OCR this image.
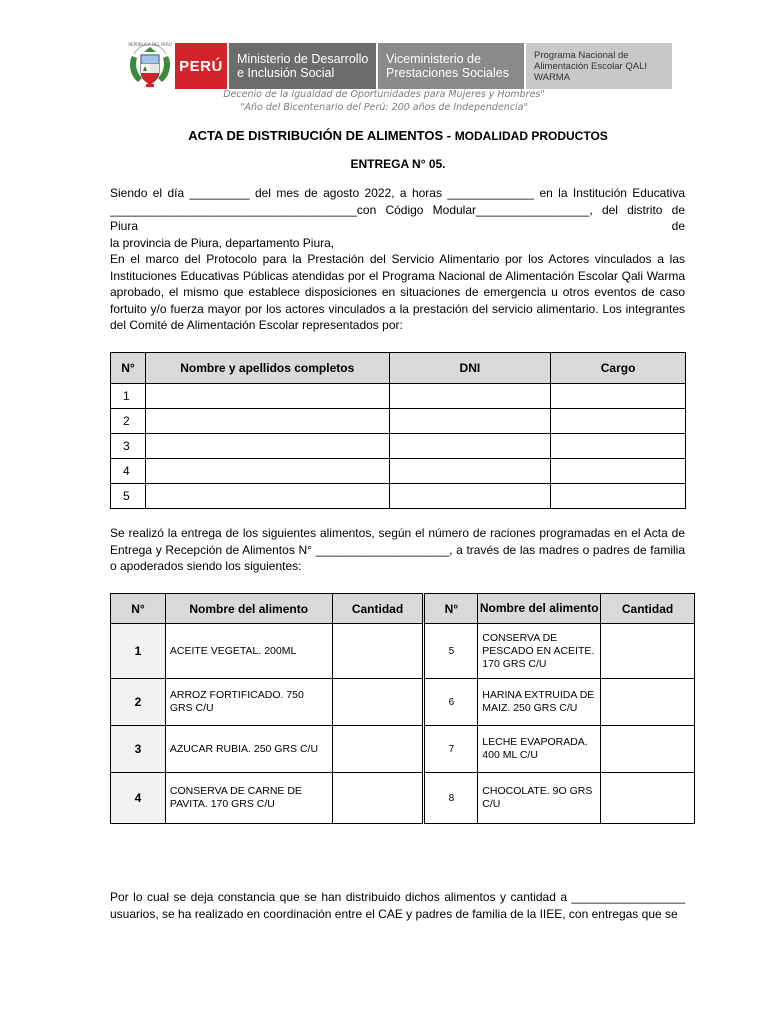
REPÚBLICA DEL PERÚ
PERÚ Ministerio de Desarrollo e Inclusión Social
Viceministerio de Prestaciones Sociales
Programa Nacional de Alimentación Escolar QALI WARMA
Decenio de la Igualdad de Oportunidades para Mujeres y Hombres"
"Año del Bicentenario del Perú: 200 años de Independencia"
ACTA DE DISTRIBUCIÓN DE ALIMENTOS - MODALIDAD PRODUCTOS
ENTREGA N° 05.
Siendo el día _________ del mes de agosto 2022, a horas _____________ en la Institución Educativa
_____________________________________con Código Modular_________________, del distrito de Piura de
la provincia de Piura, departamento Piura,
En el marco del Protocolo para la Prestación del Servicio Alimentario por los Actores vinculados a las Instituciones Educativas Públicas atendidas por el Programa Nacional de Alimentación Escolar Qali Warma aprobado, el mismo que establece disposiciones en situaciones de emergencia u otros eventos de caso fortuito y/o fuerza mayor por los actores vinculados a la prestación del servicio alimentario. Los integrantes del Comité de Alimentación Escolar representados por:
N°	Nombre y apellidos completos	DNI	Cargo
1			
2			
3			
4			
5			
Se realizó la entrega de los siguientes alimentos, según el número de raciones programadas en el Acta de Entrega y Recepción de Alimentos N° ____________________, a través de las madres o padres de familia o apoderados siendo los siguientes:
N°	Nombre del alimento	Cantidad	N°	Nombre del alimento	Cantidad
1	ACEITE VEGETAL. 200ML		5	CONSERVA DE PESCADO EN ACEITE. 170 GRS C/U	
2	ARROZ FORTIFICADO. 750 GRS C/U		6	HARINA EXTRUIDA DE MAIZ. 250 GRS C/U	
3	AZUCAR RUBIA. 250 GRS C/U		7	LECHE EVAPORADA. 400 ML C/U	
4	CONSERVA DE CARNE DE PAVITA. 170 GRS C/U		8	CHOCOLATE. 9O GRS C/U	
Por lo cual se deja constancia que se han distribuido dichos alimentos y cantidad a _________________ usuarios, se ha realizado en coordinación entre el CAE y padres de familia de la IIEE, con entregas que se
